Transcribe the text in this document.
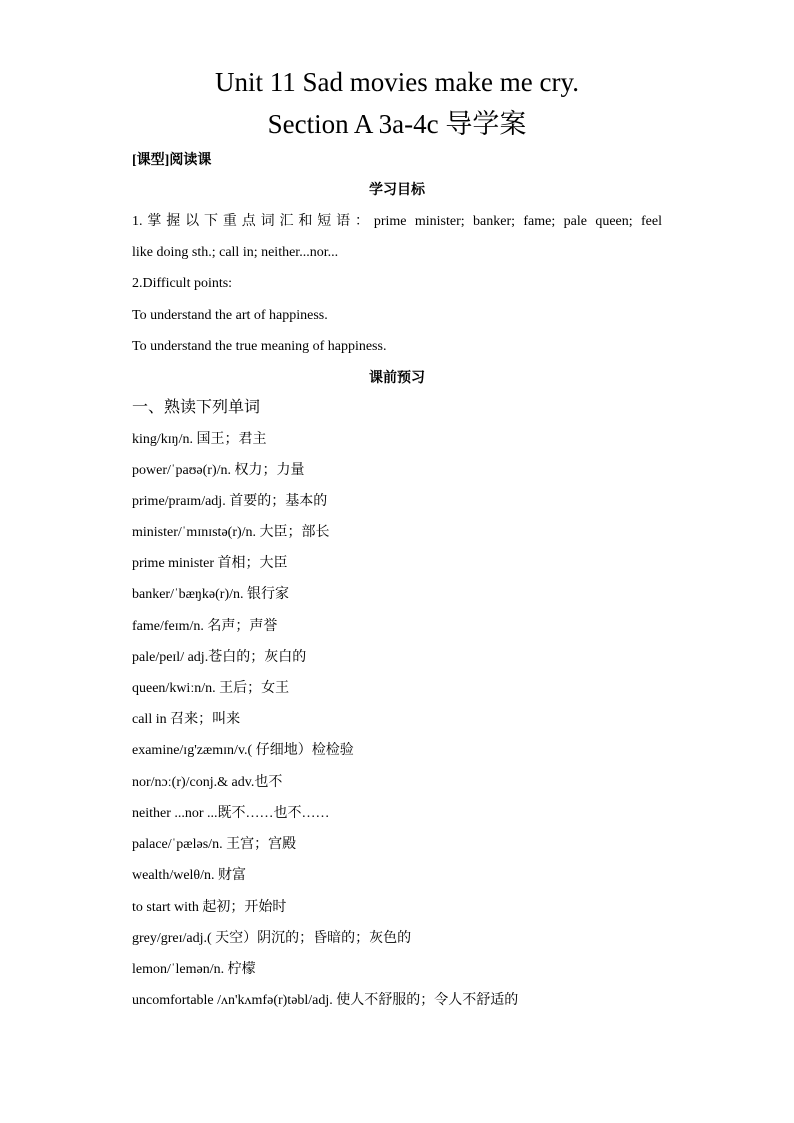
Unit 11 Sad movies make me cry.
Section A 3a-4c 导学案
[课型]阅读课
学习目标
1.掌握以下重点词汇和短语：prime minister; banker; fame; pale queen; feel
like doing sth.; call in; neither...nor...
2.Difficult points:
To understand the art of happiness.
To understand the true meaning of happiness.
课前预习
一、熟读下列单词
king/kɪŋ/n. 国王；君主
power/ˈpaʊə(r)/n. 权力；力量
prime/praɪm/adj. 首要的；基本的
minister/ˈmɪnɪstə(r)/n. 大臣；部长
prime minister 首相；大臣
banker/ˈbæŋkə(r)/n. 银行家
fame/feɪm/n. 名声；声誉
pale/peɪl/ adj.苍白的；灰白的
queen/kwiːn/n. 王后；女王
call in 召来；叫来
examine/ɪg'zæmɪn/v.( 仔细地）检检验
nor/nɔː(r)/conj.& adv.也不
neither ...nor ...既不……也不……
palace/ˈpæləs/n. 王宫；宫殿
wealth/welθ/n. 财富
to start with 起初；开始时
grey/greɪ/adj.( 天空）阴沉的；昏暗的；灰色的
lemon/ˈlemən/n. 柠檬
uncomfortable /ʌn'kʌmfə(r)təbl/adj. 使人不舒服的；令人不舒适的
